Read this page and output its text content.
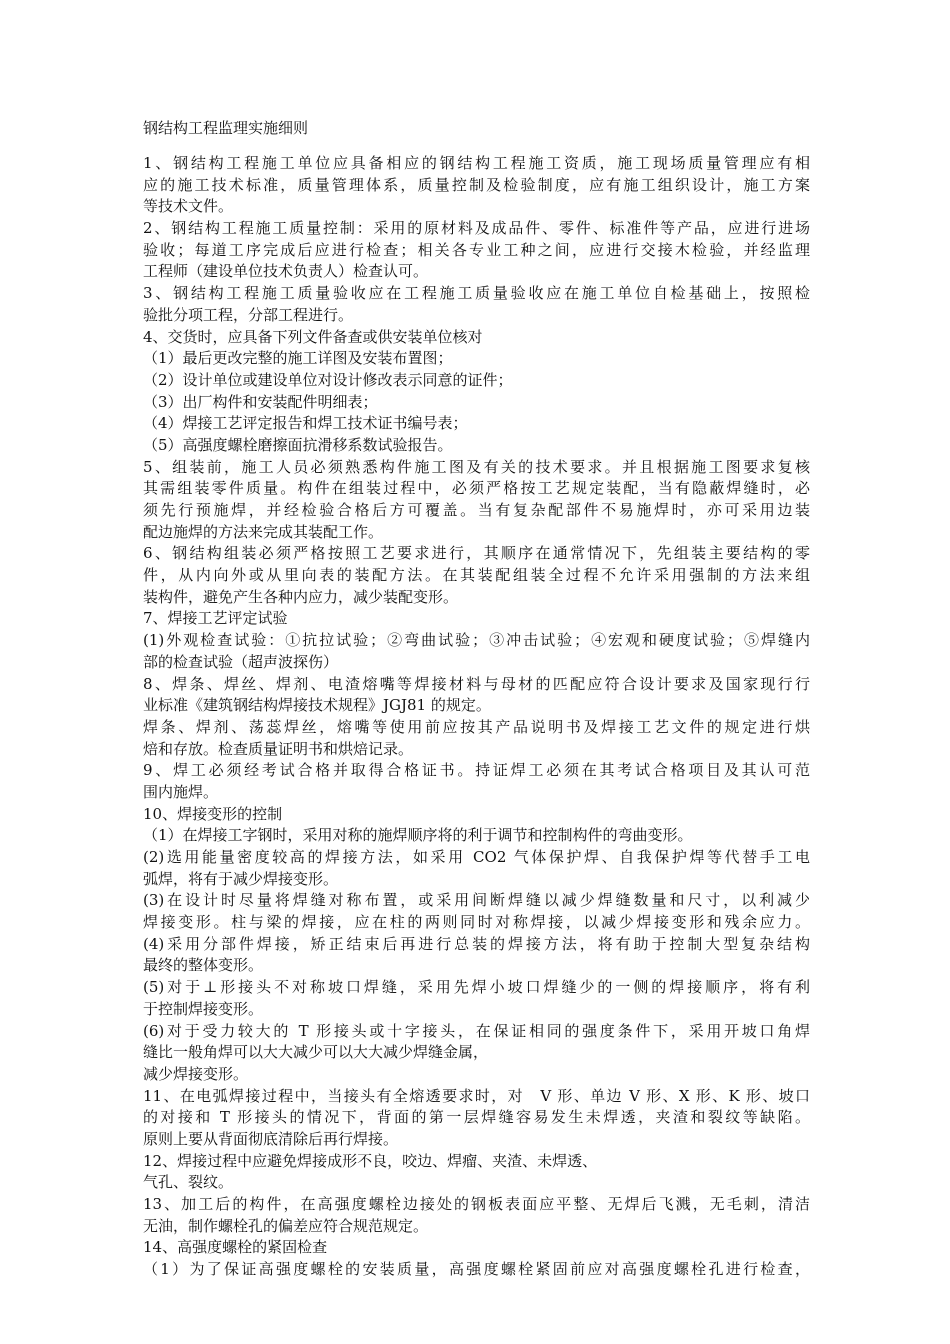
钢结构工程监理实施细则
1、钢结构工程施工单位应具备相应的钢结构工程施工资质，施工现场质量管理应有相
应的施工技术标准，质量管理体系，质量控制及检验制度，应有施工组织设计，施工方案
等技术文件。
2、钢结构工程施工质量控制：采用的原材料及成品件、零件、标准件等产品，应进行进场
验收；每道工序完成后应进行检查；相关各专业工种之间，应进行交接木检验，并经监理
工程师（建设单位技术负责人）检查认可。
3、钢结构工程施工质量验收应在工程施工质量验收应在施工单位自检基础上，按照检
验批分项工程，分部工程进行。
4、交货时，应具备下列文件备查或供安装单位核对
（1）最后更改完整的施工详图及安装布置图；
（2）设计单位或建设单位对设计修改表示同意的证件；
（3）出厂构件和安装配件明细表；
（4）焊接工艺评定报告和焊工技术证书编号表；
（5）高强度螺栓磨擦面抗滑移系数试验报告。
5、组装前，施工人员必须熟悉构件施工图及有关的技术要求。并且根据施工图要求复核
其需组装零件质量。构件在组装过程中，必须严格按工艺规定装配，当有隐蔽焊缝时，必
须先行预施焊，并经检验合格后方可覆盖。当有复杂配部件不易施焊时，亦可采用边装
配边施焊的方法来完成其装配工作。
6、钢结构组装必须严格按照工艺要求进行，其顺序在通常情况下，先组装主要结构的零
件，从内向外或从里向表的装配方法。在其装配组装全过程不允许采用强制的方法来组
装构件，避免产生各种内应力，减少装配变形。
7、焊接工艺评定试验
(1)外观检查试验：①抗拉试验；②弯曲试验；③冲击试验；④宏观和硬度试验；⑤焊缝内
部的检查试验（超声波探伤）
8、焊条、焊丝、焊剂、电渣熔嘴等焊接材料与母材的匹配应符合设计要求及国家现行行
业标准《建筑钢结构焊接技术规程》JGJ81 的规定。
焊条、焊剂、荡蕊焊丝，熔嘴等使用前应按其产品说明书及焊接工艺文件的规定进行烘
焙和存放。检查质量证明书和烘焙记录。
9、焊工必须经考试合格并取得合格证书。持证焊工必须在其考试合格项目及其认可范
围内施焊。
10、焊接变形的控制
（1）在焊接工字钢时，采用对称的施焊顺序将的利于调节和控制构件的弯曲变形。
(2)选用能量密度较高的焊接方法，如采用 CO2 气体保护焊、自我保护焊等代替手工电
弧焊，将有于减少焊接变形。
(3)在设计时尽量将焊缝对称布置，或采用间断焊缝以减少焊缝数量和尺寸，以利减少
焊接变形。柱与梁的焊接，应在柱的两则同时对称焊接，以减少焊接变形和残余应力。
(4)采用分部件焊接，矫正结束后再进行总装的焊接方法，将有助于控制大型复杂结构
最终的整体变形。
(5)对于⊥形接头不对称坡口焊缝，采用先焊小坡口焊缝少的一侧的焊接顺序，将有利
于控制焊接变形。
(6)对于受力较大的 T 形接头或十字接头，在保证相同的强度条件下，采用开坡口角焊
缝比一般角焊可以大大减少可以大大减少焊缝金属，
减少焊接变形。
11、在电弧焊接过程中，当接头有全熔透要求时，对　V 形、单边 V 形、X 形、K 形、坡口
的对接和 T 形接头的情况下，背面的第一层焊缝容易发生未焊透，夹渣和裂纹等缺陷。
原则上要从背面彻底清除后再行焊接。
12、焊接过程中应避免焊接成形不良，咬边、焊瘤、夹渣、未焊透、
气孔、裂纹。
13、加工后的构件，在高强度螺栓边接处的钢板表面应平整、无焊后飞溅，无毛刺，清洁
无油，制作螺栓孔的偏差应符合规范规定。
14、高强度螺栓的紧固检查
（1）为了保证高强度螺栓的安装质量，高强度螺栓紧固前应对高强度螺栓孔进行检查，
